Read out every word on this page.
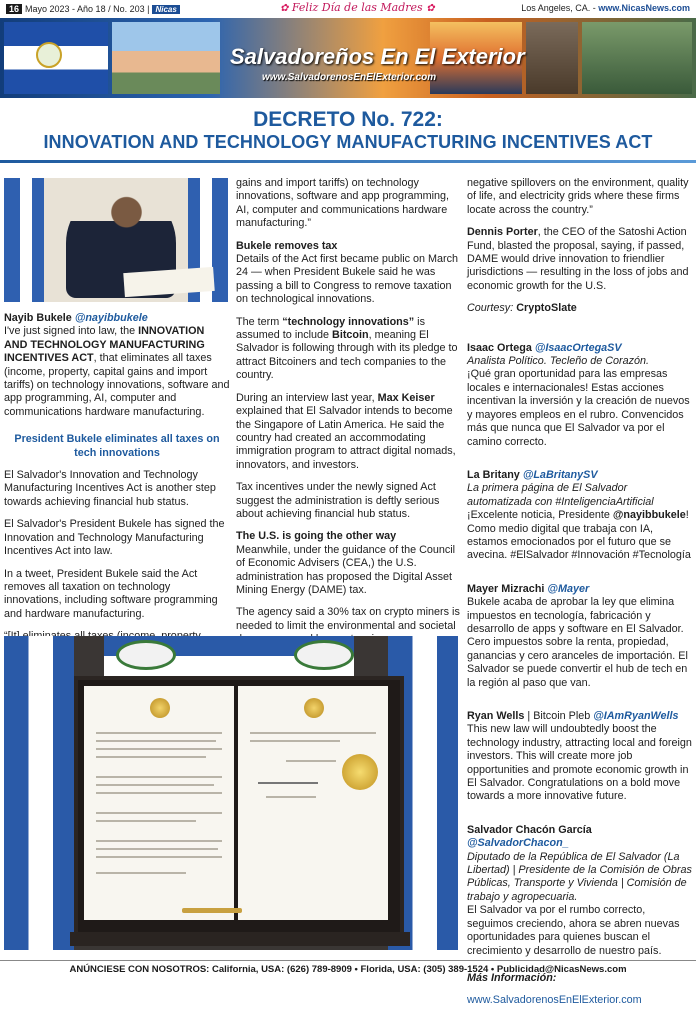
16 Mayo 2023 - Año 18 / No. 203 | Nicas	✿ Feliz Día de las Madres ✿	Los Angeles, CA. - www.NicasNews.com
Salvadoreños En El Exterior
www.SalvadorenosEnElExterior.com
DECRETO No. 722:
INNOVATION AND TECHNOLOGY MANUFACTURING INCENTIVES ACT

Nayib Bukele @nayibbukele
I've just signed into law, the INNOVATION AND TECHNOLOGY MANUFACTURING INCENTIVES ACT, that eliminates all taxes (income, property, capital gains and import tariffs) on technology innovations, software and app programming, AI, computer and communications hardware manufacturing.

President Bukele eliminates all taxes on tech innovations

El Salvador's Innovation and Technology Manufacturing Incentives Act is another step towards achieving financial hub status.

El Salvador's President Bukele has signed the Innovation and Technology Manufacturing Incentives Act into law.

In a tweet, President Bukele said the Act removes all taxation on technology innovations, including software programming and hardware manufacturing.

gains and import tariffs) on technology innovations, software and app programming, AI, computer and communications hardware manufacturing.”

Bukele removes tax

Details of the Act first became public on March 24 — when President Bukele said he was passing a bill to Congress to remove taxation on technological innovations.

The term “technology innovations” is assumed to include Bitcoin, meaning El Salvador is following through with its pledge to attract Bitcoiners and tech companies to the country.

During an interview last year, Max Keiser explained that El Salvador intends to become the Singapore of Latin America. He said the country had created an accommodating immigration program to attract digital nomads, innovators, and investors.

Tax incentives under the newly signed Act suggest the administration is deftly serious about achieving financial hub status.

The U.S. is going the other way

Meanwhile, under the guidance of the Council of Economic Advisers (CEA,) the U.S. administration has proposed the Digital Asset Mining Energy (DAME) tax.

The agency said a 30% tax on crypto miners is needed to limit the environmental and societal

negative spillovers on the environment, quality of life, and electricity grids where these firms locate across the country.”

Dennis Porter, the CEO of the Satoshi Action Fund, blasted the proposal, saying, if passed, DAME would drive innovation to friendlier jurisdictions — resulting in the loss of jobs and economic growth for the U.S.

Courtesy: CryptoSlate

Isaac Ortega @IsaacOrtegaSV
Analista Político. Tecleño de Corazón.
¡Qué gran oportunidad para las empresas locales e internacionales! Estas acciones incentivan la inversión y la creación de nuevos y mayores empleos en el rubro. Convencidos más que nunca que El Salvador va por el camino correcto.

La Britany @LaBritanySV
La primera página de El Salvador automatizada con #InteligenciaArtificial
¡Excelente noticia, Presidente @nayibbukele! Como medio digital que trabaja con IA, estamos emocionados por el futuro que se avecina. #ElSalvador #Innovación #Tecnología

Mayer Mizrachi @Mayer
Bukele acaba de aprobar la ley que elimina impuestos en tecnología, fabricación y desarrollo de apps y software en El Salvador. Cero impuestos sobre la renta, propiedad, ganancias y cero aranceles de importación. El Salvador se puede convertir el hub de tech en la región al paso que van.

Ryan Wells | Bitcoin Pleb @IAmRyanWells
This new law will undoubtedly boost the technology industry, attracting local and foreign investors. This will create more job opportunities and promote economic growth in El Salvador. Congratulations on a bold move towards a more innovative future.

Salvador Chacón García @SalvadorChacon_
Diputado de la República de El Salvador (La Libertad) | Presidente de la Comisión de Obras Públicas, Transporte y Vivienda | Comisión de trabajo y agropecuaria.
El Salvador va por el rumbo correcto, seguimos creciendo, ahora se abren nuevas oportunidades para quienes buscan el crecimiento y desarrollo de nuestro país.

Más Información:

www.SalvadorenosEnElExterior.com

ANÚNCIESE CON NOSOTROS: California, USA: (626) 789-8909 • Florida, USA: (305) 389-1524 • Publicidad@NicasNews.com
